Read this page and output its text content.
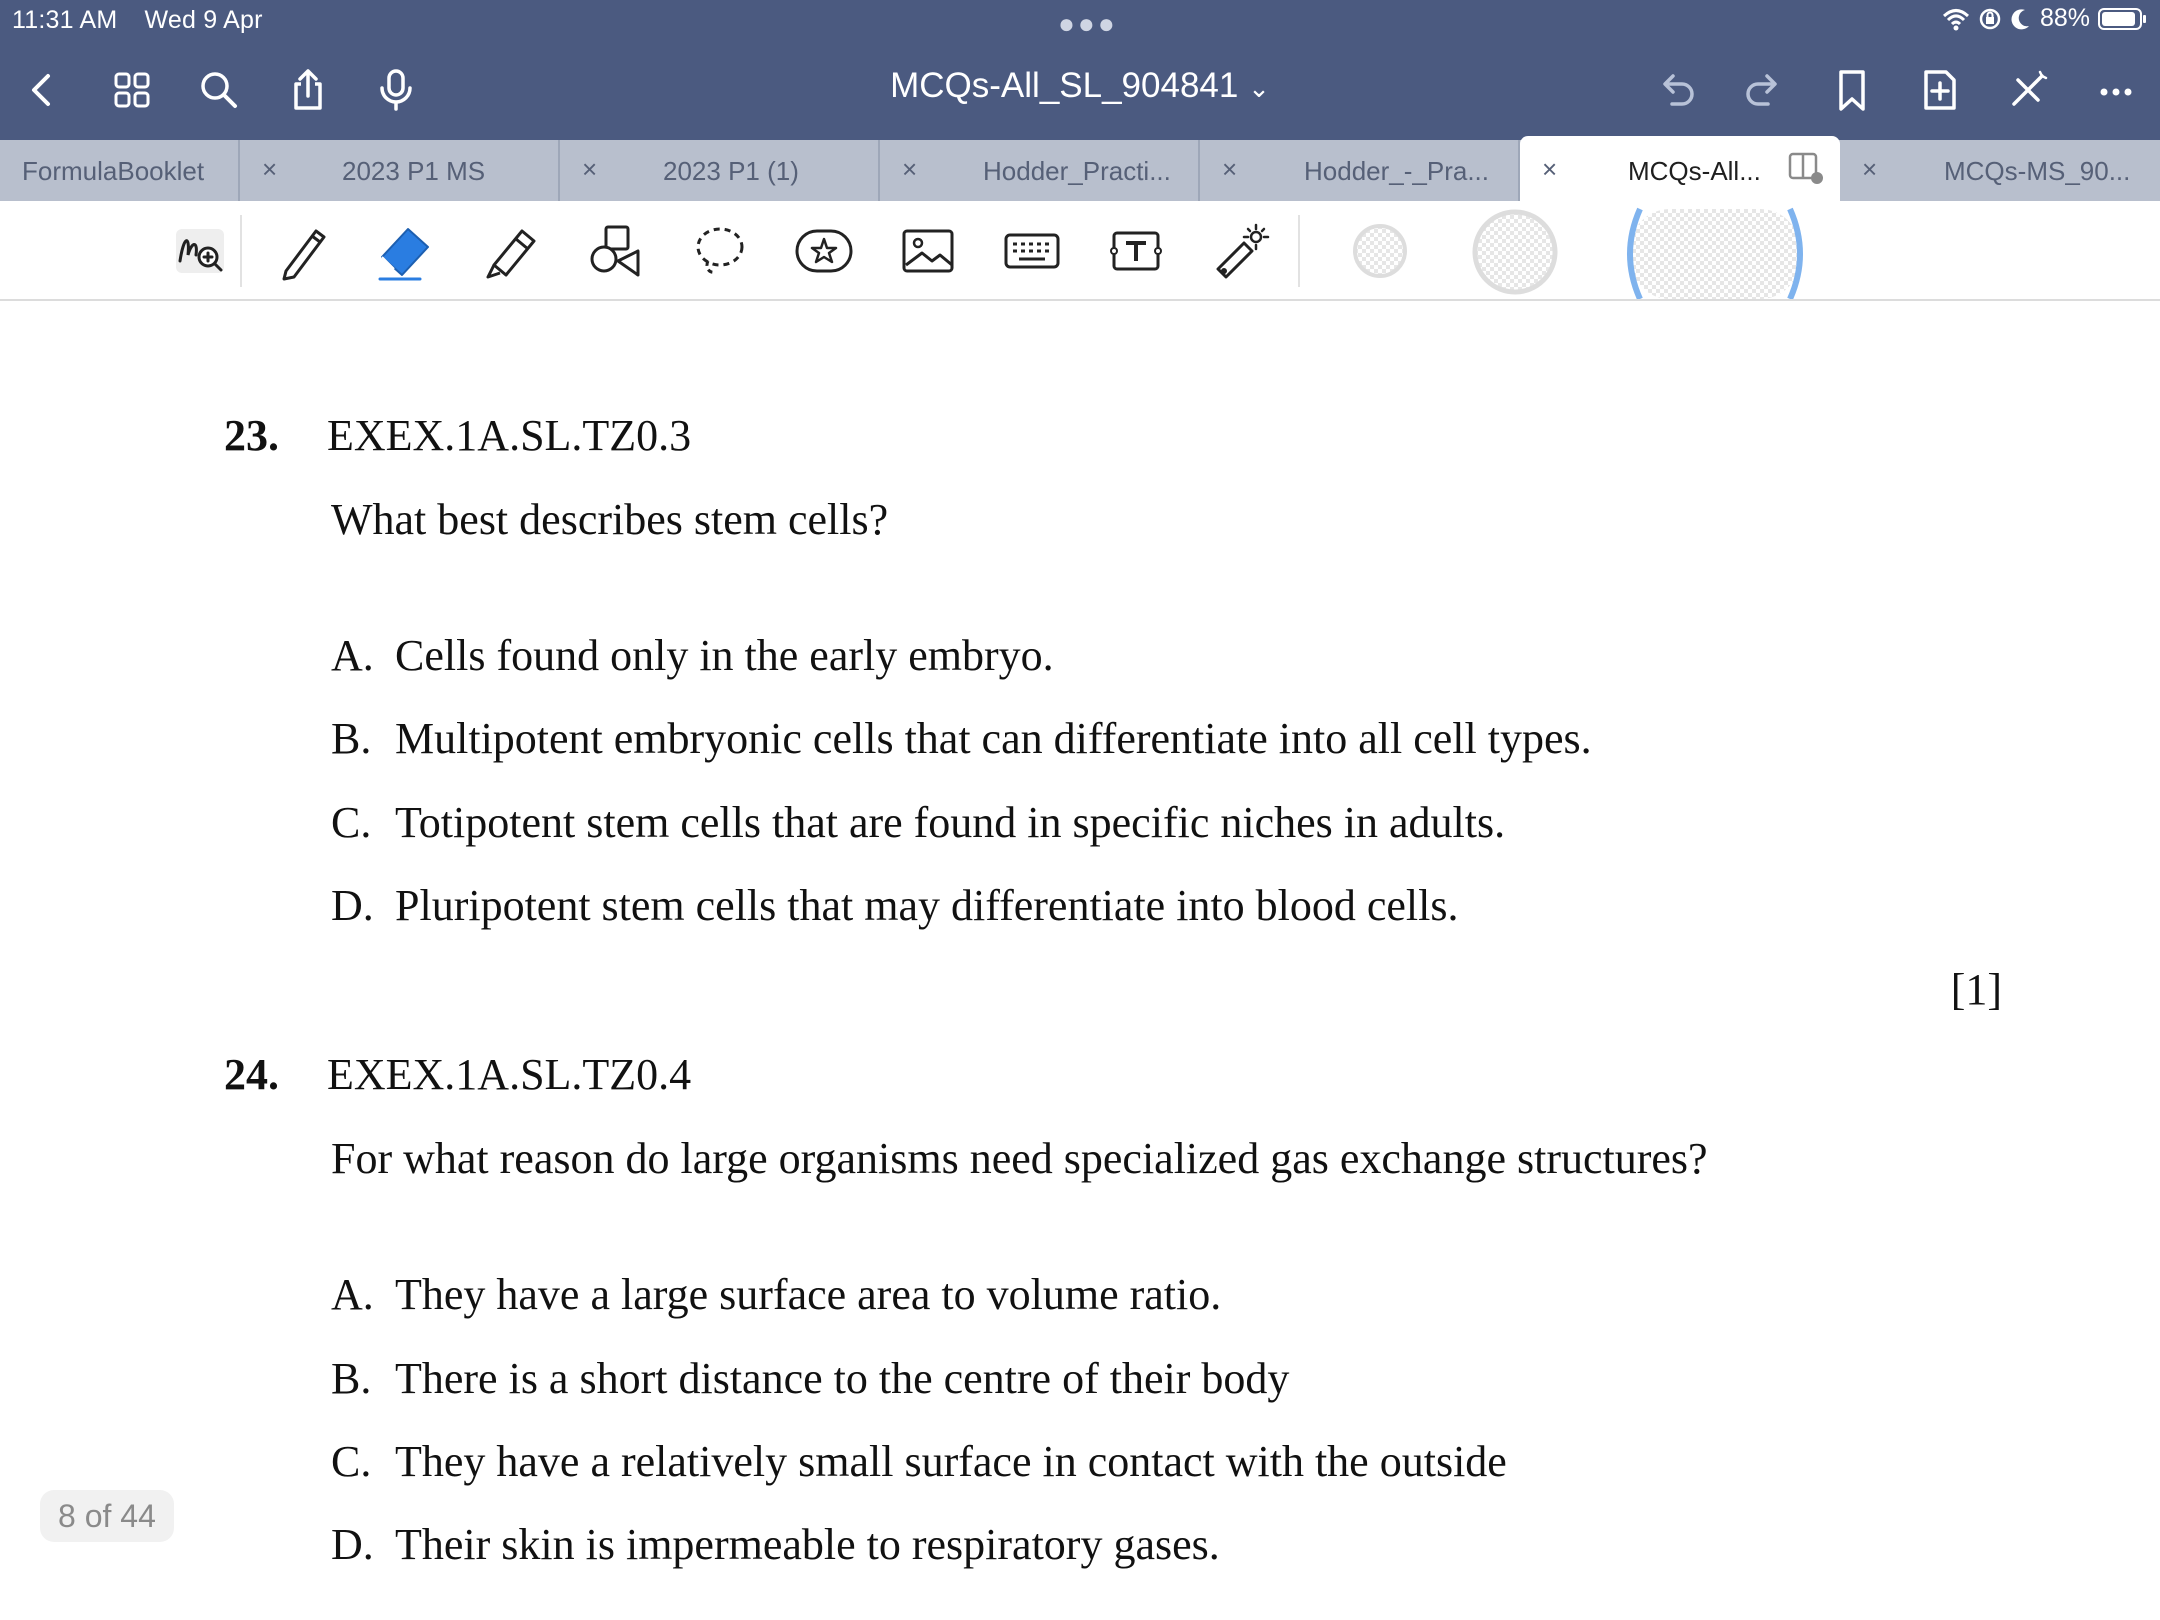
11:31 AM Wed 9 Apr	●●●	88%
MCQs-All_SL_904841 ⌄
FormulaBooklet × 2023 P1 MS	×	2023 P1 (1)	×	Hodder_Practi... ×	Hodder_-_Pra... ×	MCQs-All...	×	MCQs-MS_90...
23. EXEX.1A.SL.TZ0.3
What best describes stem cells?
A. Cells found only in the early embryo.
B. Multipotent embryonic cells that can differentiate into all cell types.
C. Totipotent stem cells that are found in specific niches in adults.
D. Pluripotent stem cells that may differentiate into blood cells.
[1]
24. EXEX.1A.SL.TZ0.4
For what reason do large organisms need specialized gas exchange structures?
A. They have a large surface area to volume ratio.
B. There is a short distance to the centre of their body
C. They have a relatively small surface in contact with the outside
D. Their skin is impermeable to respiratory gases.
8 of 44
